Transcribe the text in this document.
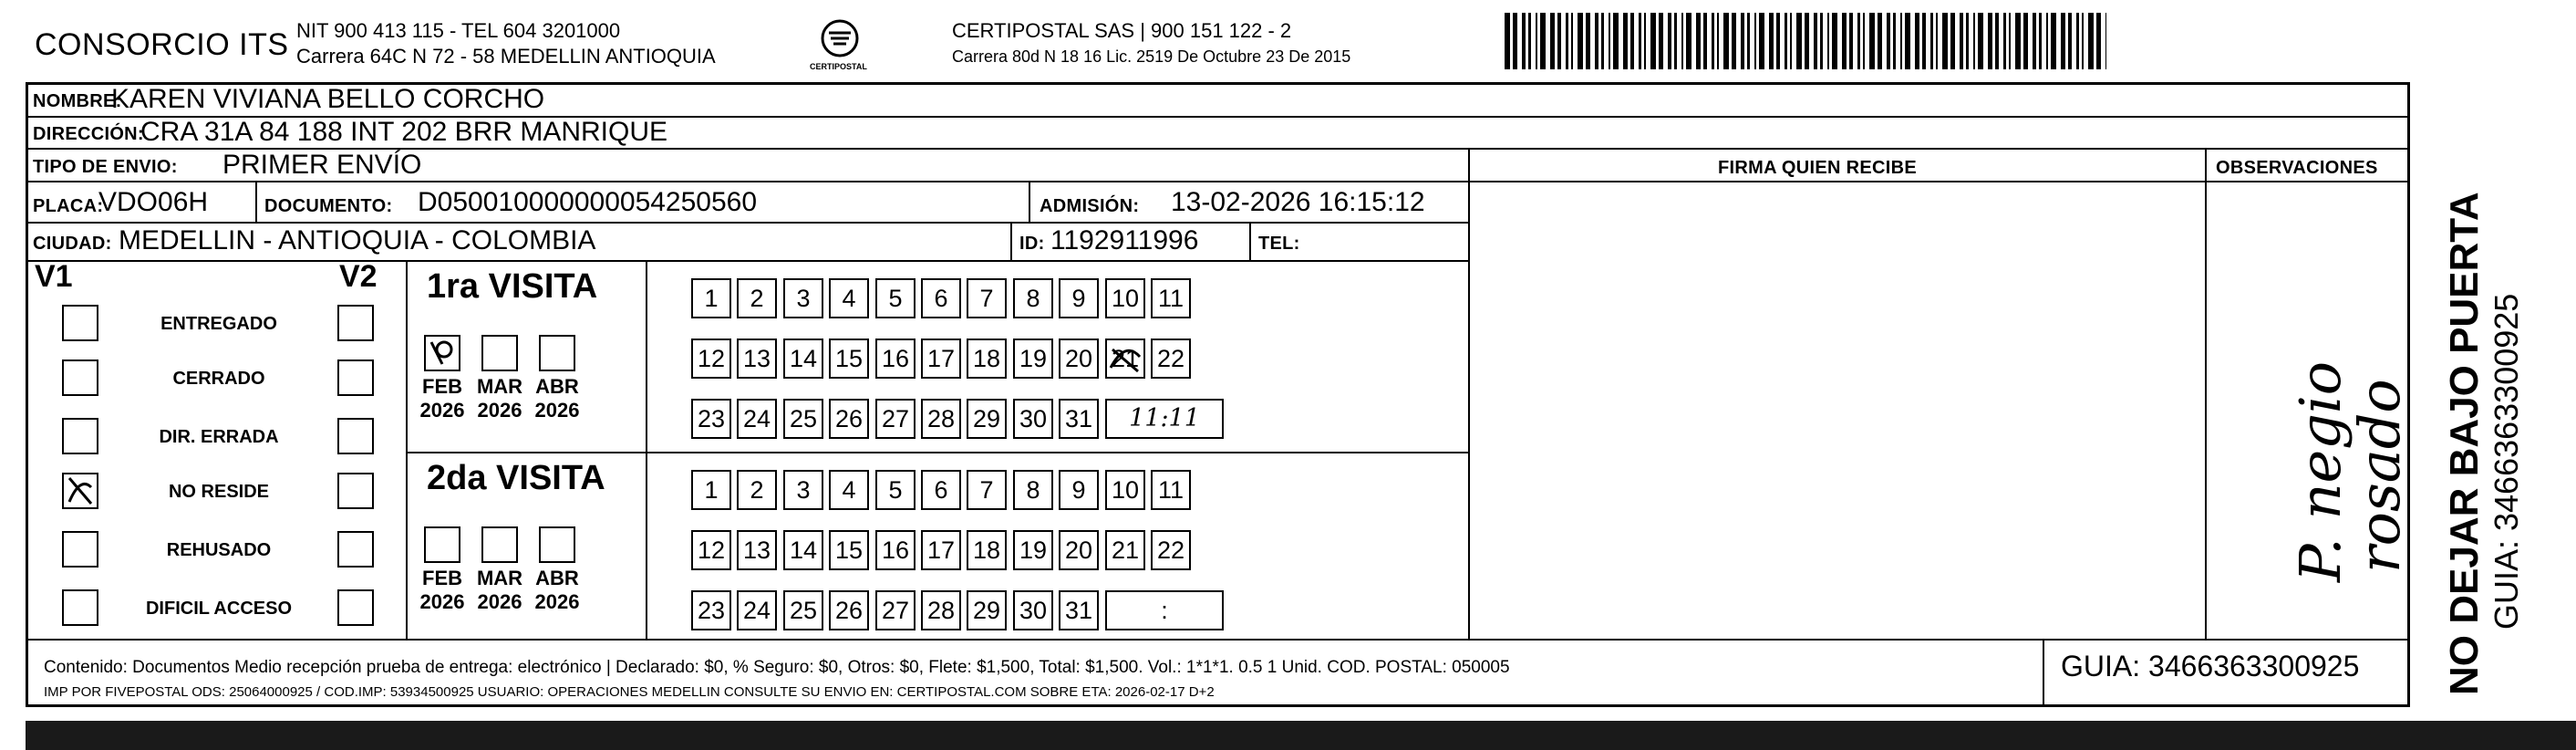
CONSORCIO ITS NIT 900 413 115 - TEL 604 3201000
Carrera 64C N 72 - 58 MEDELLIN ANTIOQUIA	CERTIPOSTAL
CERTIPOSTAL SAS | 900 151 122 - 2
Carrera 80d N 18 16 Lic. 2519 De Octubre 23 De 2015
NOMBRE:
KAREN VIVIANA BELLO CORCHO
DIRECCIÓN:
CRA 31A 84 188 INT 202 BRR MANRIQUE
TIPO DE ENVIO: PRIMER ENVÍO	FIRMA QUIEN RECIBE	OBSERVACIONES
PLACA:
VDO06H	DOCUMENTO: D050010000000054250560	ADMISIÓN: 13-02-2026 16:15:12
CIUDAD: MEDELLIN - ANTIOQUIA - COLOMBIA	ID: 1192911996	TEL:
V1	V2
ENTREGADO
CERRADO
DIR. ERRADA
NO RESIDE
REHUSADO
DIFICIL ACCESO
1ra VISITA
FEB
2026
MAR
2026
ABR
2026
1	2	3	4	5	6	7	8	9	10 11
12 13 14 15 16 17 18 19 20 21 22
23 24 25 26 27 28 29 30 31	11:11
2da VISITA
FEB
2026
MAR
2026
ABR
2026
1	2	3	4	5	6	7	8	9	10 11
12 13 14 15 16 17 18 19 20 21 22
23 24 25 26 27 28 29 30 31	:
P. negio
rosado
Contenido: Documentos Medio recepción prueba de entrega: electrónico | Declarado: $0, % Seguro: $0, Otros: $0, Flete: $1,500, Total: $1,500. Vol.: 1*1*1. 0.5 1 Unid. COD. POSTAL: 050005
IMP POR FIVEPOSTAL ODS: 25064000925 / COD.IMP: 53934500925 USUARIO: OPERACIONES MEDELLIN CONSULTE SU ENVIO EN: CERTIPOSTAL.COM SOBRE ETA: 2026-02-17 D+2
GUIA: 3466363300925 NO DEJAR BAJO PUERTA GUIA: 3466363300925
